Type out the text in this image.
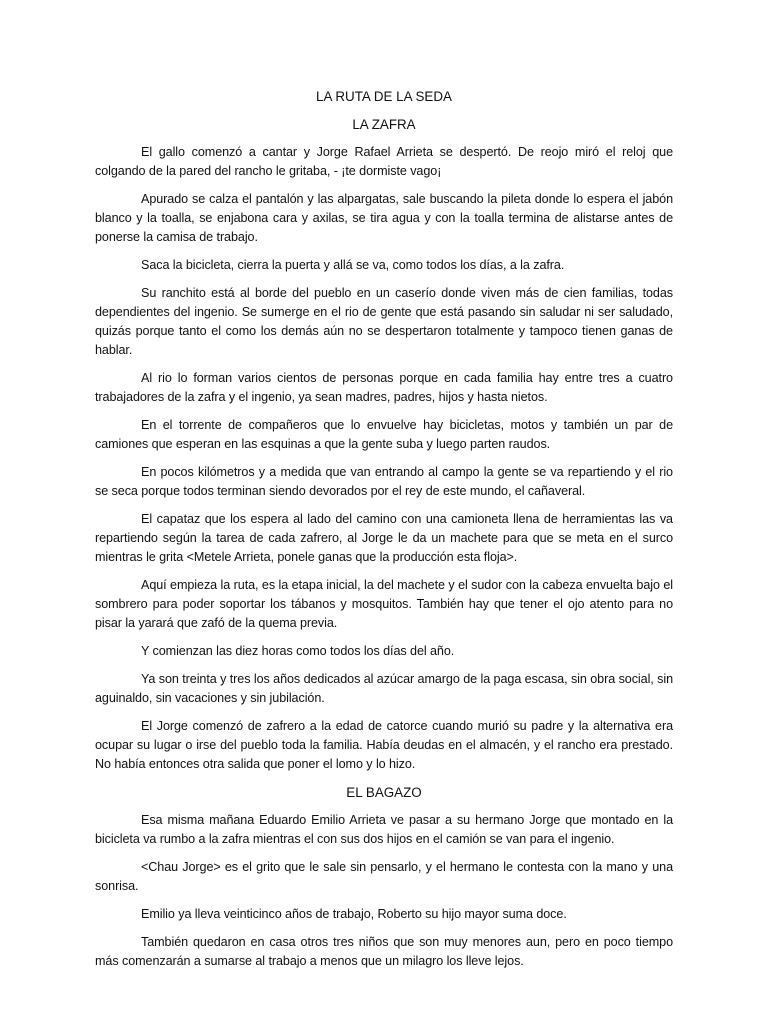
LA RUTA DE LA SEDA
LA ZAFRA

El gallo comenzó a cantar y Jorge Rafael Arrieta se despertó. De reojo miró el reloj que colgando de la pared del rancho le gritaba, - ¡te dormiste vago¡

Apurado se calza el pantalón y las alpargatas, sale buscando la pileta donde lo espera el jabón blanco y la toalla, se enjabona cara y axilas, se tira agua y con la toalla termina de alistarse antes de ponerse la camisa de trabajo.

Saca la bicicleta, cierra la puerta y allá se va, como todos los días, a la zafra.

Su ranchito está al borde del pueblo en un caserío donde viven más de cien familias, todas dependientes del ingenio. Se sumerge en el rio de gente que está pasando sin saludar ni ser saludado, quizás porque tanto el como los demás aún no se despertaron totalmente y tampoco tienen ganas de hablar.

Al rio lo forman varios cientos de personas porque en cada familia hay entre tres a cuatro trabajadores de la zafra y el ingenio, ya sean madres, padres, hijos y hasta nietos.

En el torrente de compañeros que lo envuelve hay bicicletas, motos y también un par de camiones que esperan en las esquinas a que la gente suba y luego parten raudos.

En pocos kilómetros y a medida que van entrando al campo la gente se va repartiendo y el rio se seca porque todos terminan siendo devorados por el rey de este mundo, el cañaveral.

El capataz que los espera al lado del camino con una camioneta llena de herramientas las va repartiendo según la tarea de cada zafrero, al Jorge le da un machete para que se meta en el surco mientras le grita <Metele Arrieta, ponele ganas que la producción esta floja>.

Aquí empieza la ruta, es la etapa inicial, la del machete y el sudor con la cabeza envuelta bajo el sombrero para poder soportar los tábanos y mosquitos. También hay que tener el ojo atento para no pisar la yarará que zafó de la quema previa.

Y comienzan las diez horas como todos los días del año.

Ya son treinta y tres los años dedicados al azúcar amargo de la paga escasa, sin obra social, sin aguinaldo, sin vacaciones y sin jubilación.

El Jorge comenzó de zafrero a la edad de catorce cuando murió su padre y la alternativa era ocupar su lugar o irse del pueblo toda la familia. Había deudas en el almacén, y el rancho era prestado. No había entonces otra salida que poner el lomo y lo hizo.

EL BAGAZO

Esa misma mañana Eduardo Emilio Arrieta ve pasar a su hermano Jorge que montado en la bicicleta va rumbo a la zafra mientras el con sus dos hijos en el camión se van para el ingenio.

<Chau Jorge> es el grito que le sale sin pensarlo, y el hermano le contesta con la mano y una sonrisa.

Emilio ya lleva veinticinco años de trabajo, Roberto su hijo mayor suma doce.

También quedaron en casa otros tres niños que son muy menores aun, pero en poco tiempo más comenzarán a sumarse al trabajo a menos que un milagro los lleve lejos.
